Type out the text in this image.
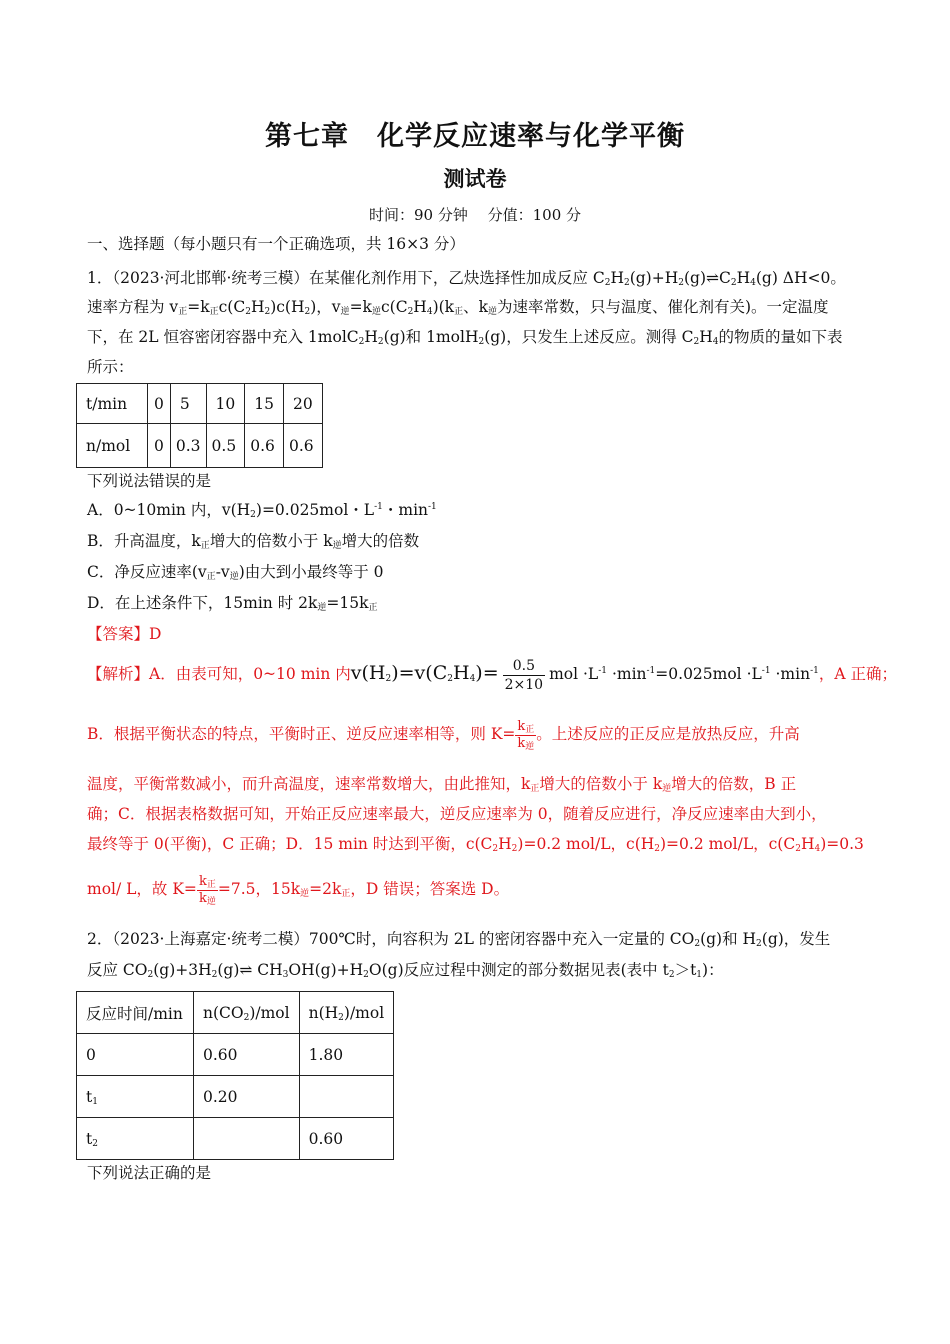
第七章　化学反应速率与化学平衡
测试卷
时间：90 分钟　 分值：100 分
一、选择题（每小题只有一个正确选项，共 16×3 分）
1．（2023·河北邯郸·统考三模）在某催化剂作用下，乙炔选择性加成反应 $C_2H_2(g)+H_2(g)\rightleftharpoons C_2H_4(g)$ ΔH<0。
速率方程为 $v_正=k_正c(C_2H_2)c(H_2)$，$v_逆=k_逆c(C_2H_4)(k_正$、$k_逆$为速率常数，只与温度、催化剂有关)。一定温度
下，在 2L 恒容密闭容器中充入 $1molC_2H_2(g)$和 1molH$_2$(g)，只发生上述反应。测得 $C_2H_4$的物质的量如下表
所示：
t/min	0	5	10	15	20
n/mol	0	0.3	0.5	0.6	0.6
下列说法错误的是
A．0~10min 内，$v(H_2)=0.025mol$・$L^{-1}$・$\min^{-1}$
B．升高温度，$k_正$增大的倍数小于 $k_逆$增大的倍数
C．净反应速率$(v_正-v_逆)$由大到小最终等于 0
D．在上述条件下，15min 时 $2k_逆=15k_正$
【答案】D
【解析】A．由表可知，0~10 min 内$v(H_2)=v(C_2H_4)= \frac{0.5}{2\times 10}$ mol $\cdot L^{-1} \cdot\min^{-1}=0.025mol \cdot L^{-1} \cdot\min^{-1}$，A 正确；
B．根据平衡状态的特点，平衡时正、逆反应速率相等，则 $K= \frac{k_正}{k_逆}$ 。上述反应的正反应是放热反应，升高
温度，平衡常数减小，而升高温度，速率常数增大，由此推知，$k_正$增大的倍数小于 $k_逆$增大的倍数，B 正
确；C．根据表格数据可知，开始正反应速率最大，逆反应速率为 0，随着反应进行，净反应速率由大到小，
最终等于 0(平衡)，C 正确；D．15 min 时达到平衡，$c(C_2H_2)=0.2$ mol/L，$c(H_2)=0.2$ mol/L，$c(C_2H_4)=0.3$
mol/ L，故 $K= \frac{k_正}{k_逆} =7.5$，$15k_逆=2k_正$，D 错误；答案选 D。
2．（2023·上海嘉定·统考二模）700℃时，向容积为 2L 的密闭容器中充入一定量的 $CO_2(g)$和 $H_2(g)$，发生
反应 $CO_2(g)+3H_2(g)\rightleftharpoons$ $CH_3OH(g)+H_2O(g)$反应过程中测定的部分数据见表(表中 $t_2>t_1$)：
反应时间/min	$n(CO_2)$/mol	$n(H_2)$/mol
0	0.60	1.80
$t_1$	0.20	
$t_2$		0.60
下列说法正确的是
